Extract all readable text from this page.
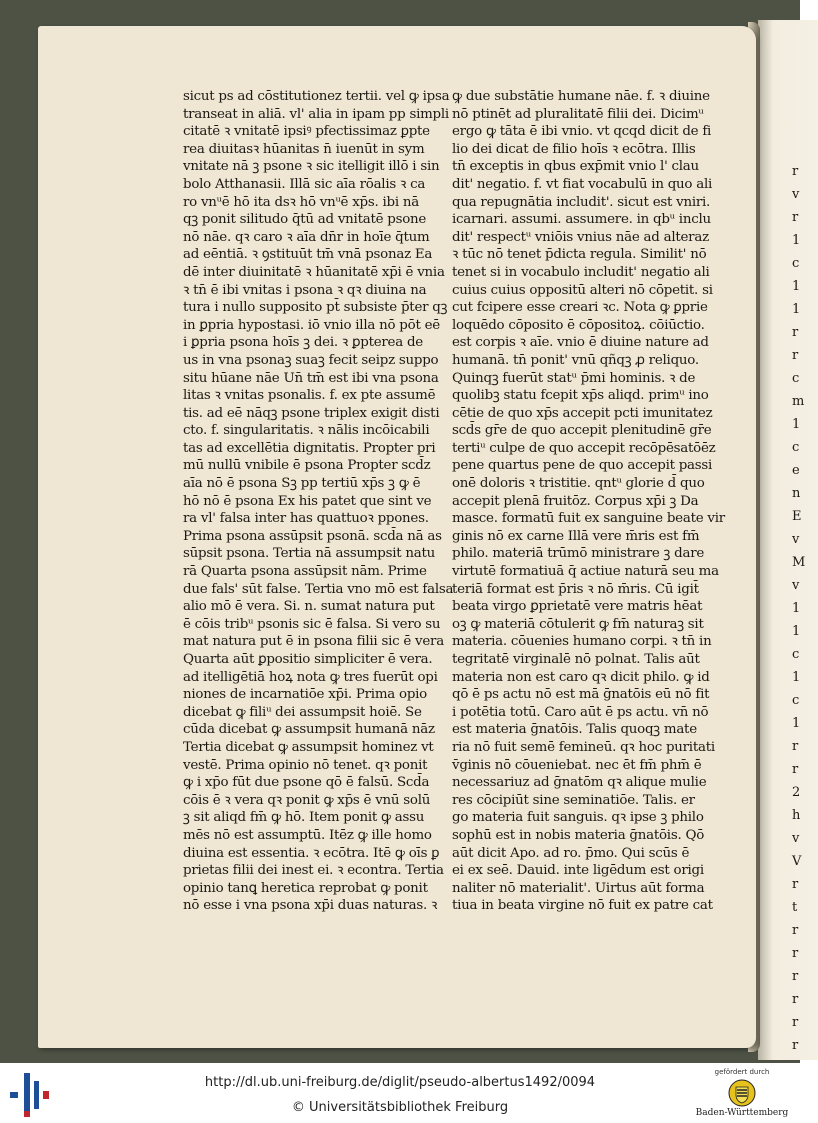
r
v
r
1
c
1
1
r
r
c
m
1
c
e
n
E
v
M
v
1
1
c
1
c
1
r
r
2
h
v
V
r
t
r
r
r
r
r
r
sicut ps ad cōstitutionez tertii. vel ꝙ ipsa
transeat in aliā. vl' alia in ipam pp simpli
citatē ꝛ vnitatē ipsiꝰ pfectissimaz ꝑpte
rea diuitasꝛ hūanitas n̄ iuenūt in sym
vnitate nā ꝫ psone ꝛ sic itelligit illō i sin
bolo Atthanasii. Illā sic aīa rōalis ꝛ ca
ro vnᵘē hō ita dsꝛ hō vnᵘē xp̄s. ibi nā
qꝫ ponit silitudo q̄tū ad vnitatē psone
nō nāe. qꝛ caro ꝛ aīa dn̄r in hoīe q̄tum
ad eēntiā. ꝛ ꝯstituūt tm̄ vnā psonaz Ea
dē inter diuinitatē ꝛ hūanitatē xp̄i ē vnia
ꝛ tn̄ ē ibi vnitas i psona ꝛ qꝛ diuina na
tura i nullo supposito pt̄ subsiste p̄ter qꝫ
in ꝑpria hypostasi. iō vnio illa nō pōt eē
i ꝑpria psona hoīs ꝫ dei. ꝛ ꝑpterea de
us in vna psonaꝫ suaꝫ fecit seipz suppo
situ hūane nāe Un̄ tm̄ est ibi vna psona
litas ꝛ vnitas psonalis. f. ex pte assumē
tis. ad eē nāqꝫ psone triplex exigit disti
cto. f. singularitatis. ꝛ nālis incōicabili
tas ad excellētia dignitatis. Propter pri
mū nullū vnibile ē psona Propter scd̄z
aīa nō ē psona Sꝫ pp tertiū xp̄s ꝫ ꝙ ē
hō nō ē psona Ex his patet que sint ve
ra vl' falsa inter has quattuoꝛ ppones.
Prima psona assūpsit psonā. scd̄a nā as
sūpsit psona. Tertia nā assumpsit natu
rā Quarta psona assūpsit nām. Prime
due fals' sūt false. Tertia vno mō est falsa
alio mō ē vera. Si. n. sumat natura put
ē cōis tribᵘ psonis sic ē falsa. Si vero su
mat natura put ē in psona filii sic ē vera
Quarta aūt ꝑpositio simpliciter ē vera.
ad itelligētiā hoꝝ nota ꝙ tres fuerūt opi
niones de incarnatiōe xp̄i. Prima opio
dicebat ꝙ filiᵘ dei assumpsit hoiē. Se
cūda dicebat ꝙ assumpsit humanā nāz
Tertia dicebat ꝙ assumpsit hominez vt
vestē. Prima opinio nō tenet. qꝛ ponit
ꝙ i xp̄o fūt due psone qō ē falsū. Scd̄a
cōis ē ꝛ vera qꝛ ponit ꝙ xp̄s ē vnū solū
ꝫ sit aliqd fm̄ ꝙ hō. Item ponit ꝙ assu
mēs nō est assumptū. Itēz ꝙ ille homo
diuina est essentia. ꝛ ecōtra. Itē ꝙ oīs ꝑ
prietas filii dei inest ei. ꝛ econtra. Tertia
opinio tanꝗ heretica reprobat ꝙ ponit
nō esse i vna psona xp̄i duas naturas. ꝛ
ꝙ due substātie humane nāe. f. ꝛ diuine
nō ptinēt ad pluralitatē filii dei. Dicimᵘ
ergo ꝙ tāta ē ibi vnio. vt qcqd dicit de fi
lio dei dicat de filio hoīs ꝛ ecōtra. Illis
tn̄ exceptis in qbus exp̄mit vnio l' clau
dit' negatio. f. vt fiat vocabulū in quo ali
qua repugnātia includit'. sicut est vniri.
icarnari. assumi. assumere. in qbᵘ inclu
dit' respectᵘ vniōis vnius nāe ad alteraz
ꝛ tūc nō tenet p̄dicta regula. Similit' nō
tenet si in vocabulo includit' negatio ali
cuius cuius oppositū alteri nō cōpetit. si
cut fcipere esse creari ꝛc. Nota ꝙ ꝑprie
loquēdo cōposito ē cōpositoꝝ. cōiūctio.
est corpis ꝛ aīe. vnio ē diuine nature ad
humanā. tn̄ ponit' vnū qñqꝫ ꝓ reliquo.
Quinqꝫ fuerūt statᵘ p̄mi hominis. ꝛ de
quolibꝫ statu fcepit xp̄s aliqd. primᵘ ino
cētie de quo xp̄s accepit pcti imunitatez
scd̄s gr̄e de quo accepit plenitudinē gr̄e
tertiᵘ culpe de quo accepit recōpēsatōēz
pene quartus pene de quo accepit passi
onē doloris ꝛ tristitie. qntᵘ glorie d̄ quo
accepit plenā fruitōz. Corpus xp̄i ꝫ Da
masce. formatū fuit ex sanguine beate vir
ginis nō ex carne Illā vere m̄ris est fm̄
philo. materiā trūmō ministrare ꝫ dare
virtutē formatiuā q̄ actiue naturā seu ma
teriā format est p̄ris ꝛ nō m̄ris. Cū igit̄
beata virgo ꝑprietatē vere matris hēat
oꝫ ꝙ materiā cōtulerit ꝙ fm̄ naturaꝫ sit
materia. cōuenies humano corpi. ꝛ tn̄ in
tegritatē virginalē nō polnat. Talis aūt
materia non est caro qꝛ dicit philo. ꝙ id
qō ē ps actu nō est mā ḡnatōis eū nō fit
i potētia totū. Caro aūt ē ps actu. vn̄ nō
est materia ḡnatōis. Talis quoqꝫ mate
ria nō fuit semē femineū. qꝛ hoc puritati
v̄ginis nō cōueniebat. nec ēt fm̄ phm̄ ē
necessariuz ad ḡnatōm qꝛ alique mulie
res cōcipiūt sine seminatiōe. Talis. er
go materia fuit sanguis. qꝛ ipse ꝫ philo
sophū est in nobis materia ḡnatōis. Qō
aūt dicit Apo. ad ro. p̄mo. Qui scūs ē
ei ex seē. Dauid. inte ligēdum est origi
naliter nō materialit'. Uirtus aūt forma
tiua in beata virgine nō fuit ex patre cat
http://dl.ub.uni-freiburg.de/diglit/pseudo-albertus1492/0094
© Universitätsbibliothek Freiburg
gefördert durch
Baden-Württemberg
